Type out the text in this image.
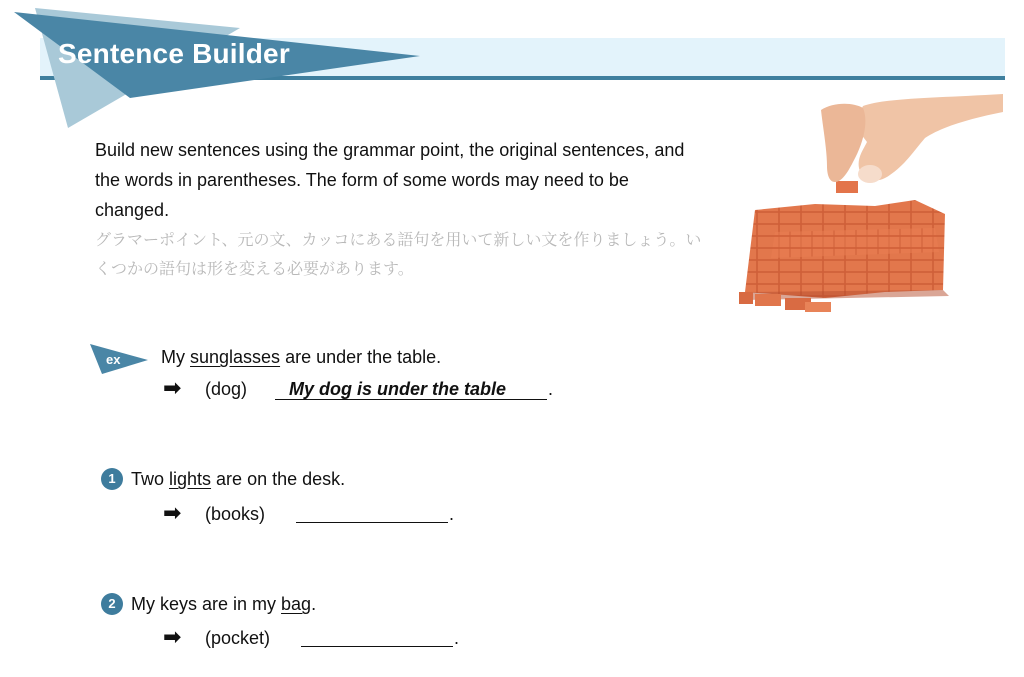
Sentence Builder
Build new sentences using the grammar point, the original sentences, and the words in parentheses. The form of some words may need to be changed.
グラマーポイント、元の文、カッコにある語句を用いて新しい文を作りましょう。いくつかの語句は形を変える必要があります。
ex My sunglasses are under the table.
➡ (dog) My dog is under the table .
1 Two lights are on the desk.
➡ (books)	.
2 My keys are in my bag.
➡ (pocket)	.
